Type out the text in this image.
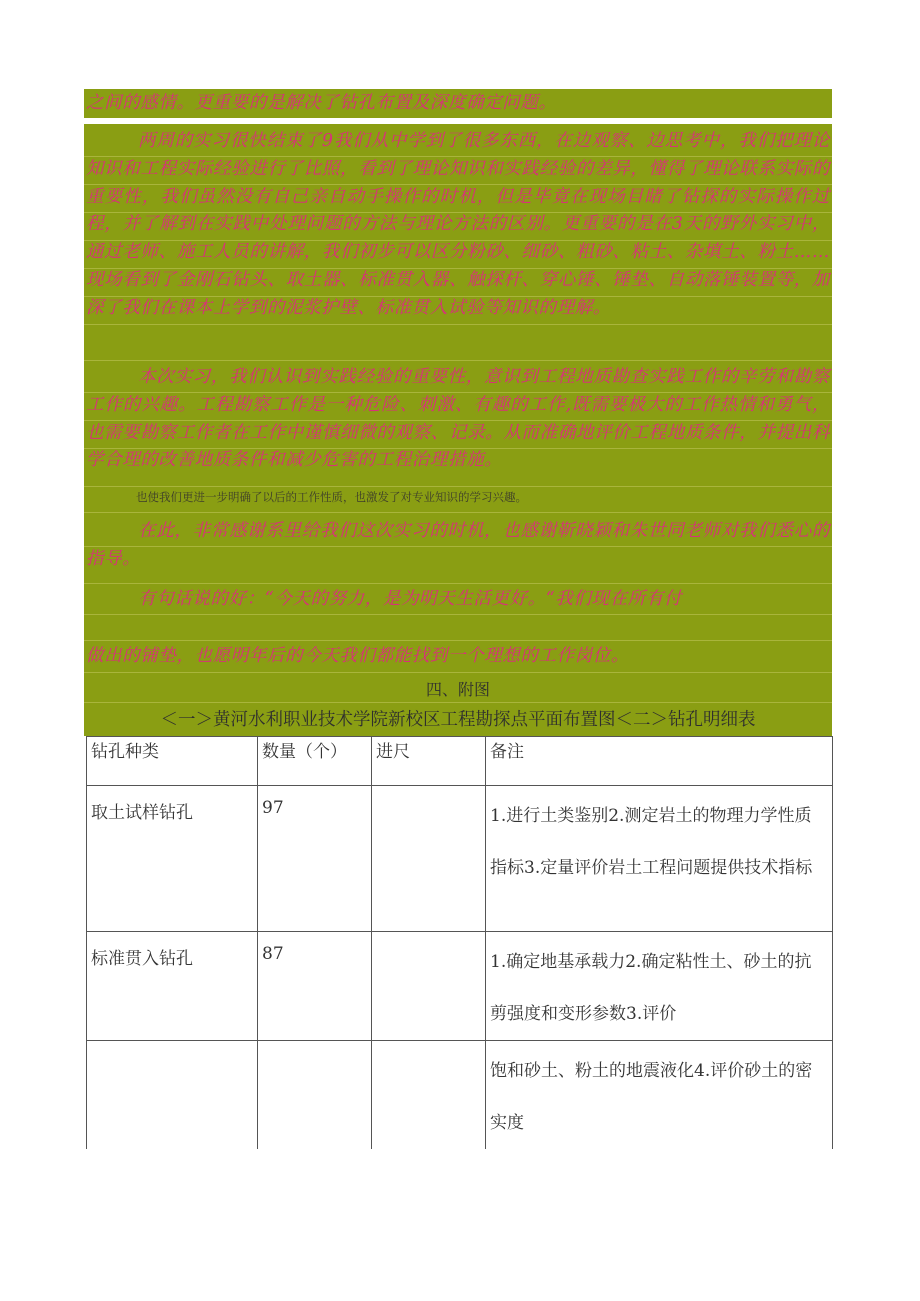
之间的感情。更重要的是解决了钻孔布置及深度确定问题。
两周的实习很快结束了9我们从中学到了很多东西，在边观察、边思考中，我们把理论知识和工程实际经验进行了比照，看到了理论知识和实践经验的差异，懂得了理论联系实际的重要性，我们虽然没有自己亲自动手操作的时机，但是毕竟在现场目睹了钻探的实际操作过程，并了解到在实践中处理问题的方法与理论方法的区别。更重要的是在3天的野外实习中，通过老师、施工人员的讲解，我们初步可以区分粉砂、细砂、粗砂、粘土、杂填土、粉土……现场看到了金刚石钻头、取土器、标准贯入器、触探杆、穿心锤、锤垫、自动落锤装置等，加深了我们在课本上学到的泥浆护壁、标准贯入试验等知识的理解。
本次实习，我们认识到实践经验的重要性，意识到工程地质勘查实践工作的辛劳和勘察工作的兴趣。工程勘察工作是一种危险、刺激、有趣的工作,既需要极大的工作热情和勇气，也需要勘察工作者在工作中谨慎细微的观察、记录。从而准确地评价工程地质条件，并提出科学合理的改善地质条件和减少危害的工程治理措施。
也使我们更进一步明确了以后的工作性质，也激发了对专业知识的学习兴趣。
在此，非常感谢系里给我们这次实习的时机，也感谢靳晓颖和朱世同老师对我们悉心的指导。
有句话说的好：“今天的努力，是为明天生活更好。“我们现在所有付
做出的铺垫，也愿明年后的今天我们都能找到一个理想的工作岗位。
四、附图
＜一＞黄河水利职业技术学院新校区工程勘探点平面布置图＜二＞钻孔明细表
钻孔种类	数量（个）	进尺	备注
取土试样钻孔	97		1.进行土类鉴别2.测定岩土的物理力学性质指标3.定量评价岩土工程问题提供技术指标
标准贯入钻孔	87		1.确定地基承载力2.确定粘性土、砂土的抗剪强度和变形参数3.评价
			饱和砂土、粉土的地震液化4.评价砂土的密实度
